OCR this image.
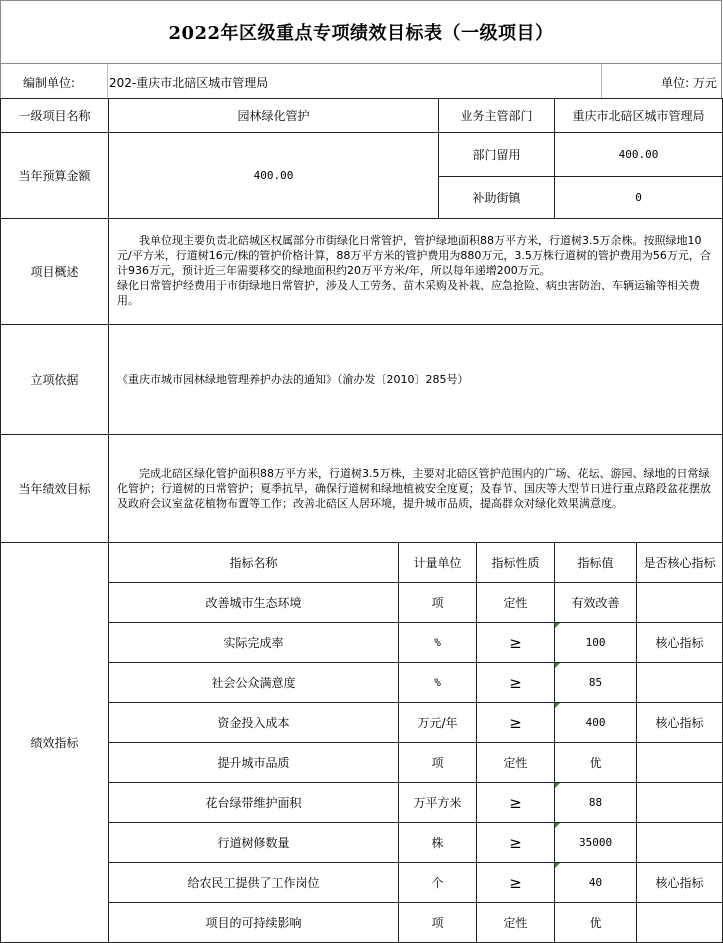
2022年区级重点专项绩效目标表（一级项目）
编制单位:	202-重庆市北碚区城市管理局	单位: 万元
一级项目名称	园林绿化管护		业务主管部门		重庆市北碚区城市管理局	
当年预算金额	400.00		部门留用		400.00	
			补助街镇		0	
项目概述	我单位现主要负责北碚城区权属部分市街绿化日常管护，管护绿地面积88万平方米，行道树3.5万余株。按照绿地10元/平方米，行道树16元/株的管护价格计算，88万平方米的管护费用为880万元，3.5万株行道树的管护费用为56万元，合计936万元，预计近三年需要移交的绿地面积约20万平方米/年，所以每年递增200万元。
绿化日常管护经费用于市街绿地日常管护，涉及人工劳务、苗木采购及补栽、应急抢险、病虫害防治、车辆运输等相关费用。					

立项依据	《重庆市城市园林绿地管理养护办法的通知》（渝办发〔2010〕285号）					

当年绩效目标	完成北碚区绿化管护面积88万平方米，行道树3.5万株，主要对北碚区管护范围内的广场、花坛、游园、绿地的日常绿化管护；行道树的日常管护；夏季抗旱，确保行道树和绿地植被安全度夏；及春节、国庆等大型节日进行重点路段盆花摆放及政府会议室盆花植物布置等工作；改善北碚区人居环境，提升城市品质，提高群众对绿化效果满意度。					

绩效指标	指标名称	计量单位		指标性质	指标值	是否核心指标
	改善城市生态环境	项		定性	有效改善	
	实际完成率	%		≥	100	核心指标
	社会公众满意度	%		≥	85	
	资金投入成本	万元/年		≥	400	核心指标
	提升城市品质	项		定性	优	
	花台绿带维护面积	万平方米		≥	88	
	行道树修数量	株		≥	35000	
	给农民工提供了工作岗位	个		≥	40	核心指标
	项目的可持续影响	项		定性	优	
